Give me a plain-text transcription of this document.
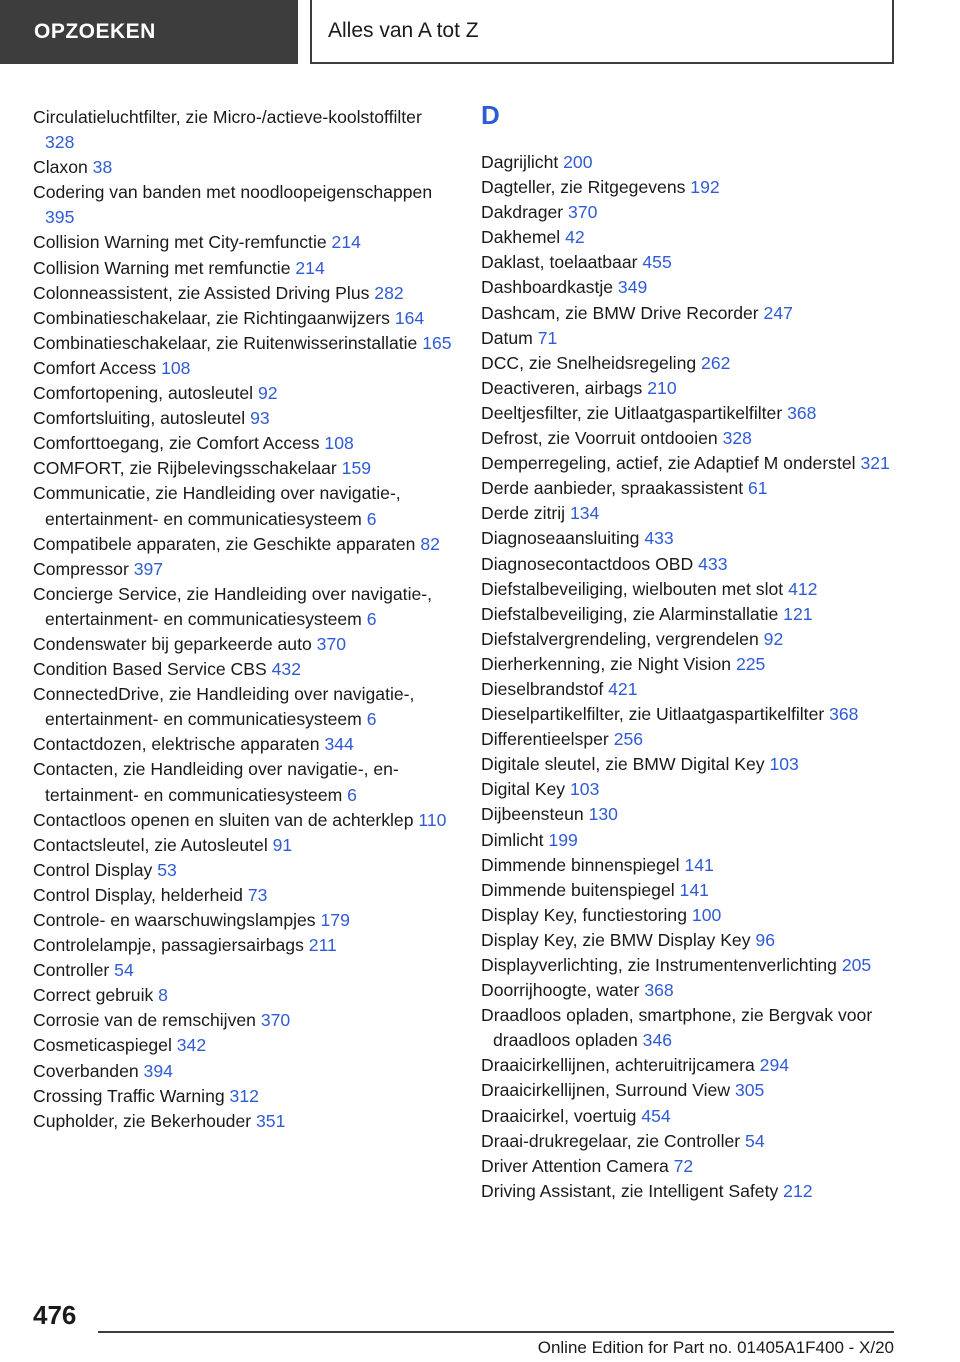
OPZOEKEN	Alles van A tot Z
Circulatieluchtfilter, zie Micro-/actieve-koolstoffilter 328
Claxon 38
Codering van banden met noodloopeigenschappen 395
Collision Warning met City-remfunctie 214
Collision Warning met remfunctie 214
Colonneassistent, zie Assisted Driving Plus 282
Combinatieschakelaar, zie Richtingaanwijzers 164
Combinatieschakelaar, zie Ruitenwisserinstallatie 165
Comfort Access 108
Comfortopening, autosleutel 92
Comfortsluiting, autosleutel 93
Comforttoegang, zie Comfort Access 108
COMFORT, zie Rijbelevingsschakelaar 159
Communicatie, zie Handleiding over navigatie-, entertainment- en communicatiesysteem 6
Compatibele apparaten, zie Geschikte apparaten 82
Compressor 397
Concierge Service, zie Handleiding over navigatie-, entertainment- en communicatiesysteem 6
Condenswater bij geparkeerde auto 370
Condition Based Service CBS 432
ConnectedDrive, zie Handleiding over navigatie-, entertainment- en communicatiesysteem 6
Contactdozen, elektrische apparaten 344
Contacten, zie Handleiding over navigatie-, entertainment- en communicatiesysteem 6
Contactloos openen en sluiten van de achterklep 110
Contactsleutel, zie Autosleutel 91
Control Display 53
Control Display, helderheid 73
Controle- en waarschuwingslampjes 179
Controlelampje, passagiersairbags 211
Controller 54
Correct gebruik 8
Corrosie van de remschijven 370
Cosmeticaspiegel 342
Coverbanden 394
Crossing Traffic Warning 312
Cupholder, zie Bekerhouder 351
D
Dagrijlicht 200
Dagteller, zie Ritgegevens 192
Dakdrager 370
Dakhemel 42
Daklast, toelaatbaar 455
Dashboardkastje 349
Dashcam, zie BMW Drive Recorder 247
Datum 71
DCC, zie Snelheidsregeling 262
Deactiveren, airbags 210
Deeltjesfilter, zie Uitlaatgaspartikelfilter 368
Defrost, zie Voorruit ontdooien 328
Demperregeling, actief, zie Adaptief M onderstel 321
Derde aanbieder, spraakassistent 61
Derde zitrij 134
Diagnoseaansluiting 433
Diagnosecontactdoos OBD 433
Diefstalbeveiliging, wielbouten met slot 412
Diefstalbeveiliging, zie Alarminstallatie 121
Diefstalvergrendeling, vergrendelen 92
Dierherkenning, zie Night Vision 225
Dieselbrandstof 421
Dieselpartikelfilter, zie Uitlaatgaspartikelfilter 368
Differentieelsper 256
Digitale sleutel, zie BMW Digital Key 103
Digital Key 103
Dijbeensteun 130
Dimlicht 199
Dimmende binnenspiegel 141
Dimmende buitenspiegel 141
Display Key, functiestoring 100
Display Key, zie BMW Display Key 96
Displayverlichting, zie Instrumentenverlichting 205
Doorrijhoogte, water 368
Draadloos opladen, smartphone, zie Bergvak voor draadloos opladen 346
Draaicirkellijnen, achteruitrijcamera 294
Draaicirkellijnen, Surround View 305
Draaicirkel, voertuig 454
Draai-drukregelaar, zie Controller 54
Driver Attention Camera 72
Driving Assistant, zie Intelligent Safety 212
476
Online Edition for Part no. 01405A1F400 - X/20
